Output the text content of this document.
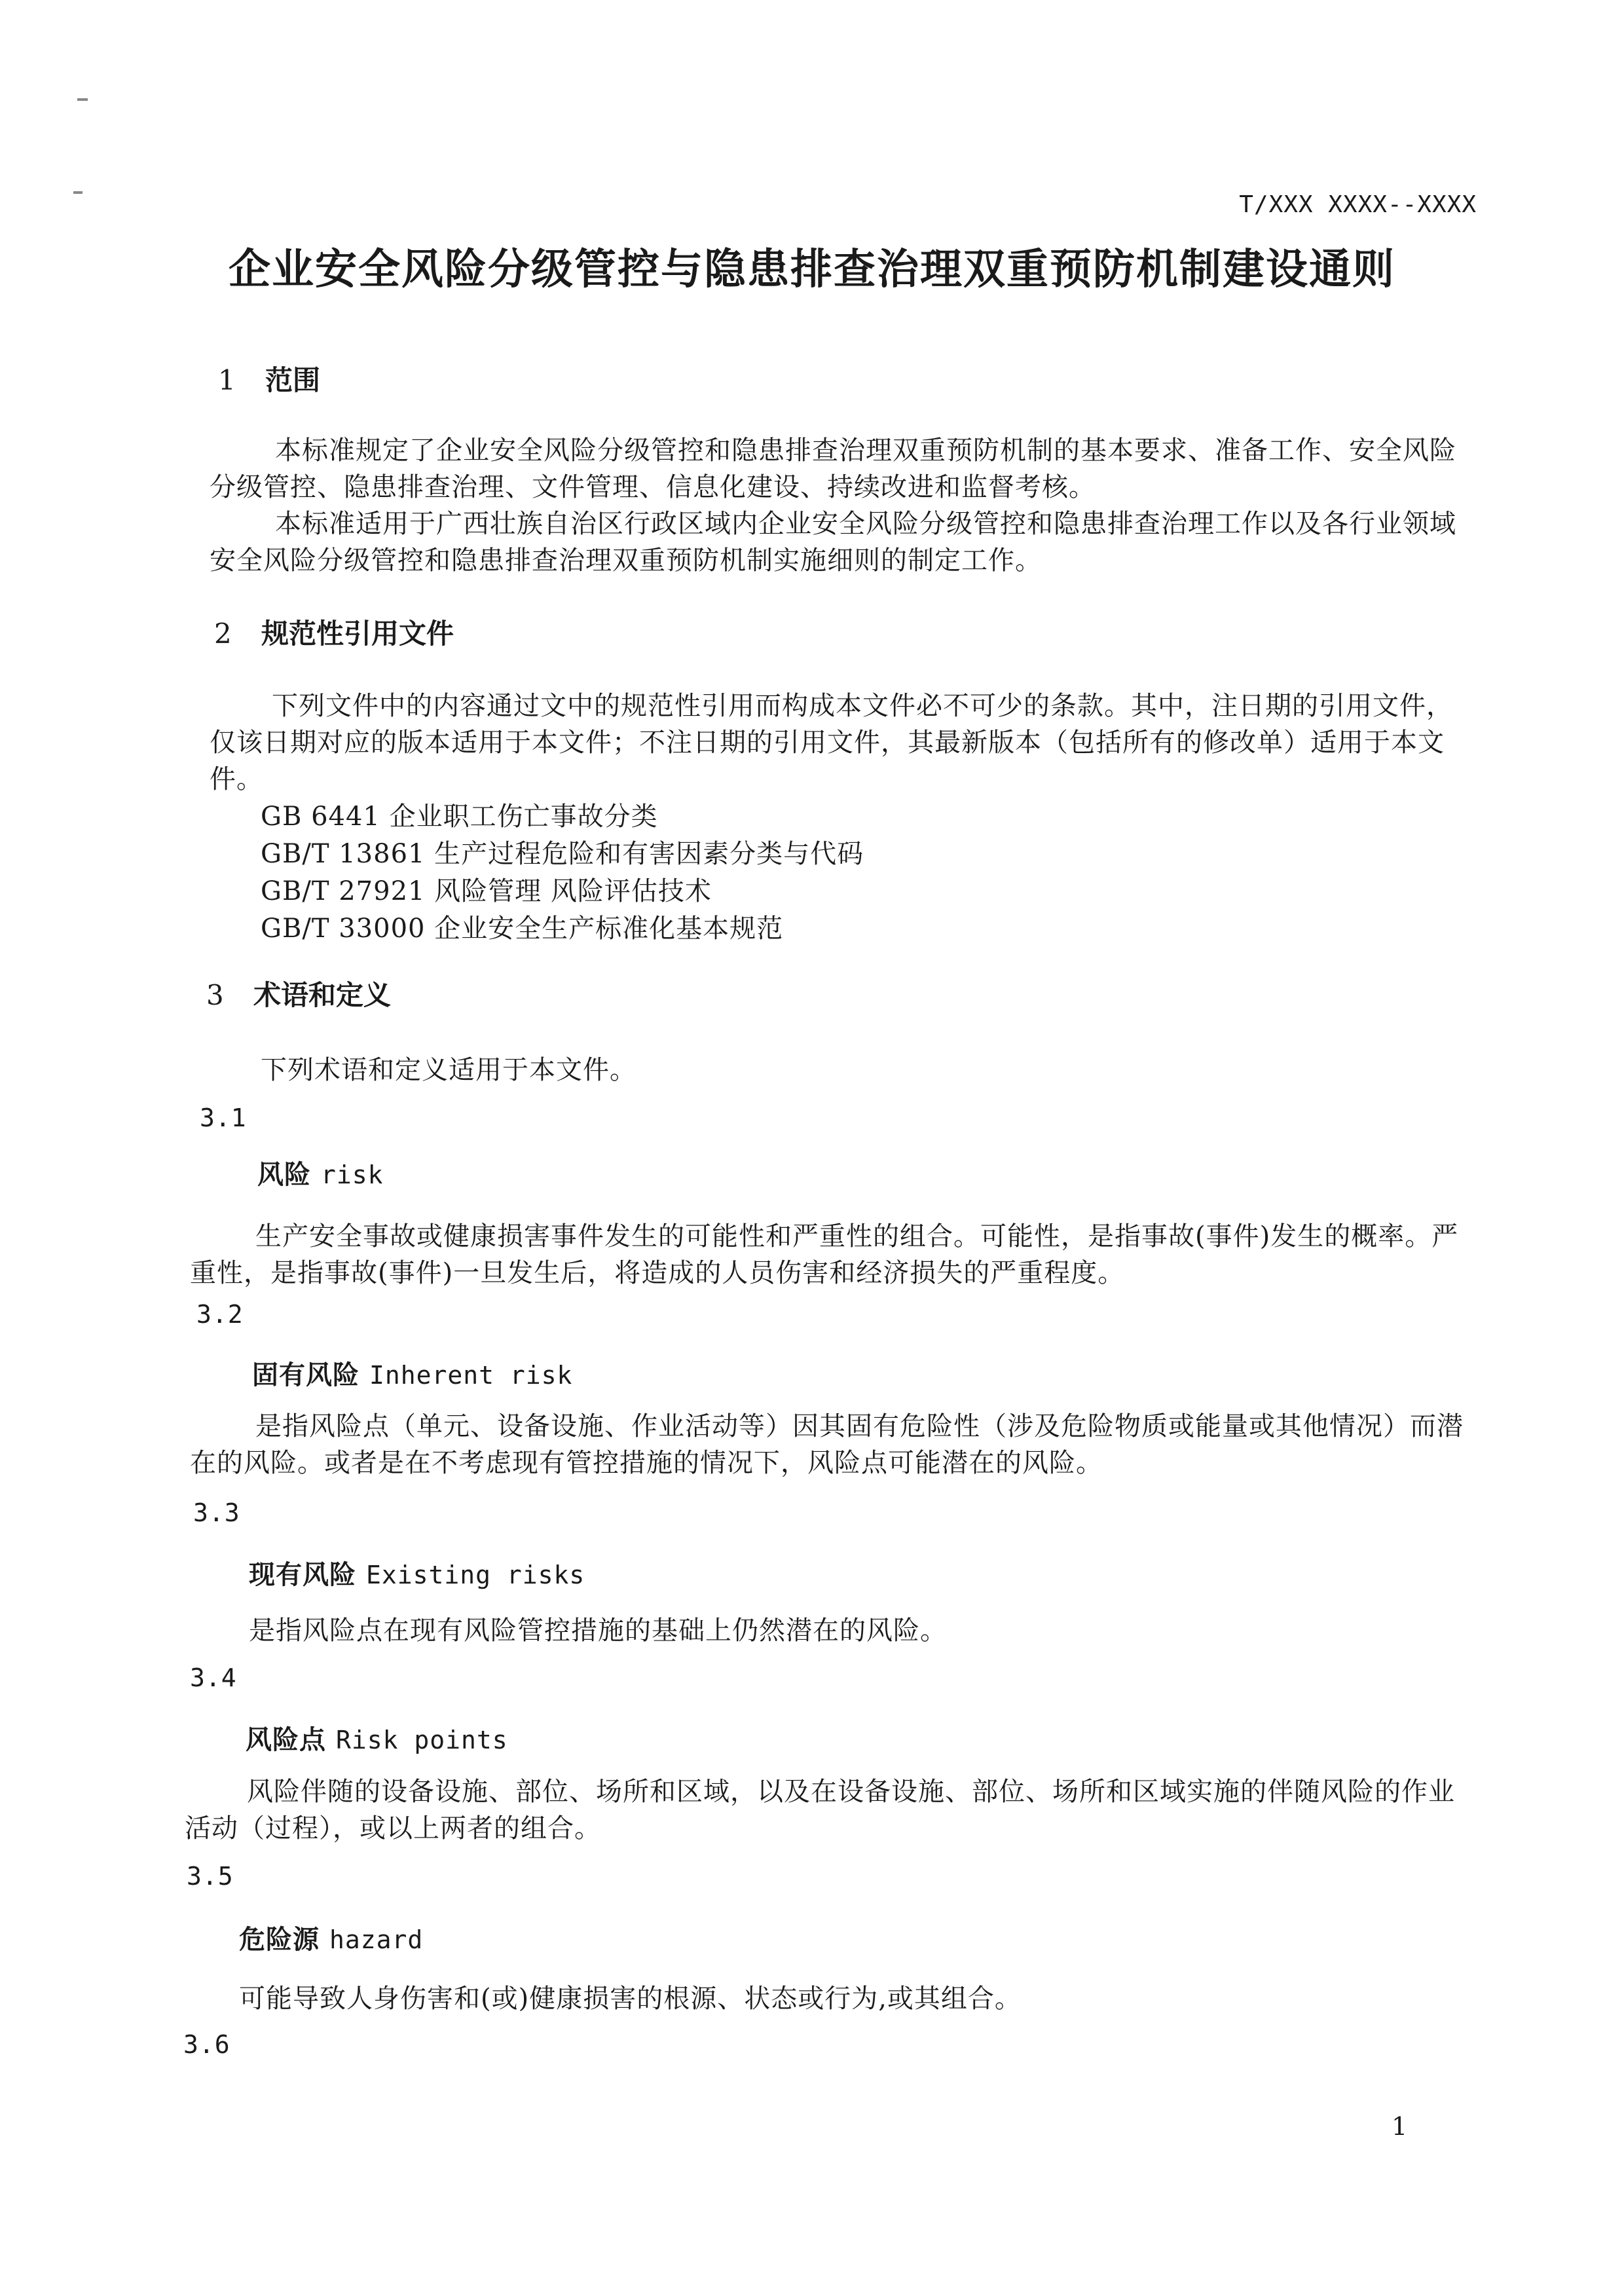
T/XXX XXXX--XXXX
企业安全风险分级管控与隐患排查治理双重预防机制建设通则
1 范围
本标准规定了企业安全风险分级管控和隐患排查治理双重预防机制的基本要求、准备工作、安全风险分级管控、隐患排查治理、文件管理、信息化建设、持续改进和监督考核。
本标准适用于广西壮族自治区行政区域内企业安全风险分级管控和隐患排查治理工作以及各行业领域安全风险分级管控和隐患排查治理双重预防机制实施细则的制定工作。
2 规范性引用文件
下列文件中的内容通过文中的规范性引用而构成本文件必不可少的条款。其中，注日期的引用文件，仅该日期对应的版本适用于本文件；不注日期的引用文件，其最新版本（包括所有的修改单）适用于本文件。
GB 6441 企业职工伤亡事故分类
GB/T 13861 生产过程危险和有害因素分类与代码
GB/T 27921 风险管理 风险评估技术
GB/T 33000 企业安全生产标准化基本规范
3 术语和定义
下列术语和定义适用于本文件。
3.1
风险 risk
生产安全事故或健康损害事件发生的可能性和严重性的组合。可能性，是指事故(事件)发生的概率。严重性，是指事故(事件)一旦发生后，将造成的人员伤害和经济损失的严重程度。
3.2
固有风险 Inherent risk
是指风险点（单元、设备设施、作业活动等）因其固有危险性（涉及危险物质或能量或其他情况）而潜在的风险。或者是在不考虑现有管控措施的情况下，风险点可能潜在的风险。
3.3
现有风险 Existing risks
是指风险点在现有风险管控措施的基础上仍然潜在的风险。
3.4
风险点 Risk points
风险伴随的设备设施、部位、场所和区域，以及在设备设施、部位、场所和区域实施的伴随风险的作业活动（过程），或以上两者的组合。
3.5
危险源 hazard
可能导致人身伤害和(或)健康损害的根源、状态或行为,或其组合。
3.6
1
